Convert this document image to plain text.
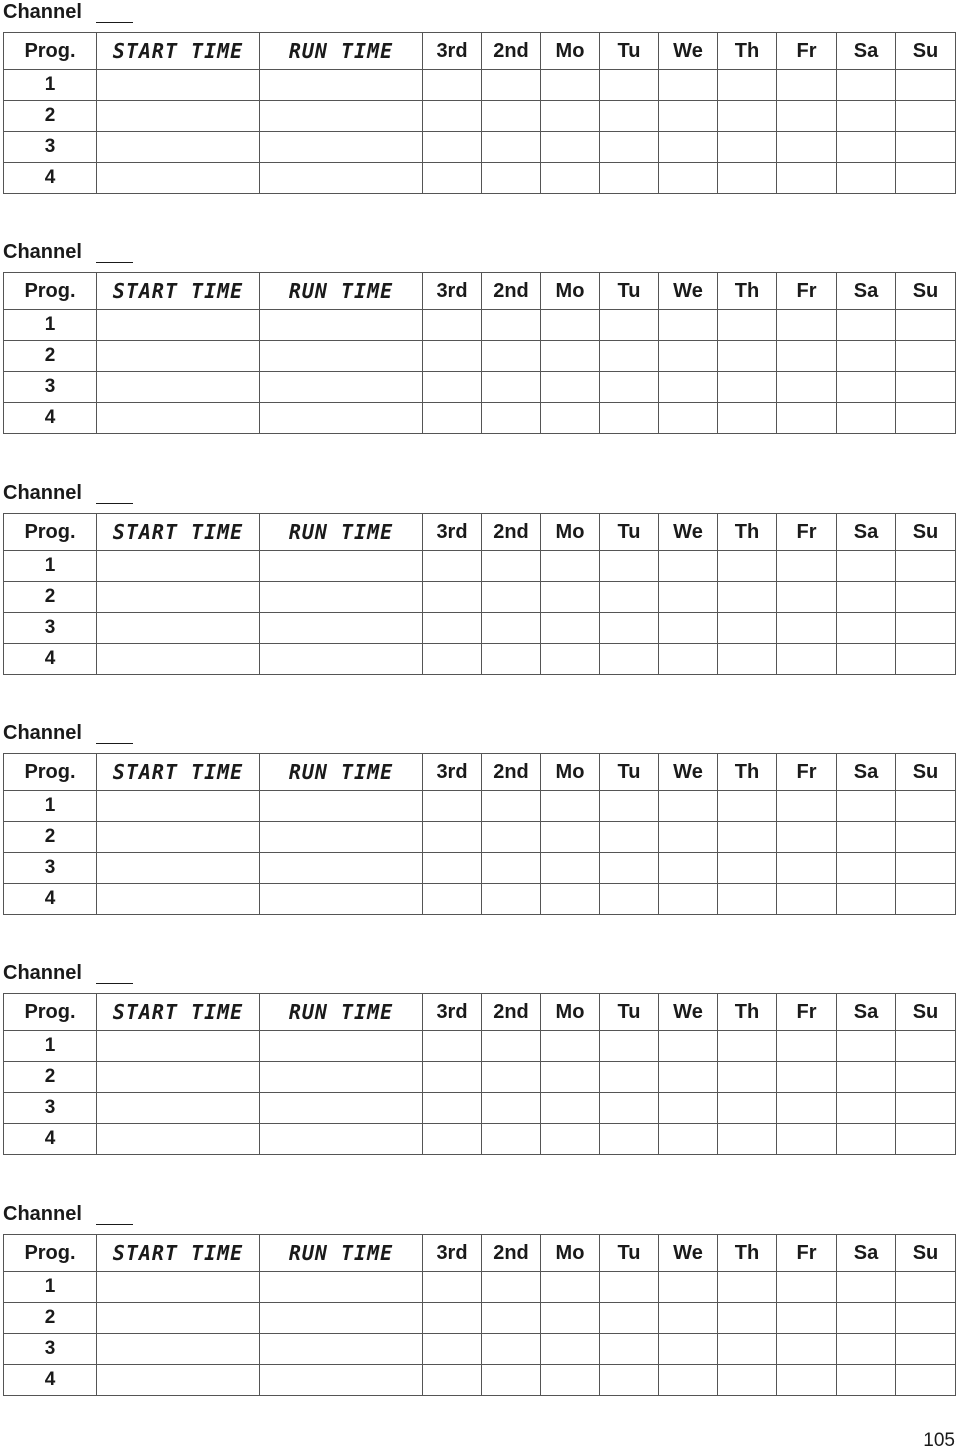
Channel
Prog.	START TIME	RUN TIME	3rd	2nd	Mo	Tu	We	Th	Fr	Sa	Su
1											
2											
3											
4											
Channel
Prog.	START TIME	RUN TIME	3rd	2nd	Mo	Tu	We	Th	Fr	Sa	Su
1											
2											
3											
4											
Channel
Prog.	START TIME	RUN TIME	3rd	2nd	Mo	Tu	We	Th	Fr	Sa	Su
1											
2											
3											
4											
Channel
Prog.	START TIME	RUN TIME	3rd	2nd	Mo	Tu	We	Th	Fr	Sa	Su
1											
2											
3											
4											
Channel
Prog.	START TIME	RUN TIME	3rd	2nd	Mo	Tu	We	Th	Fr	Sa	Su
1											
2											
3											
4											
Channel
Prog.	START TIME	RUN TIME	3rd	2nd	Mo	Tu	We	Th	Fr	Sa	Su
1											
2											
3											
4											
105
